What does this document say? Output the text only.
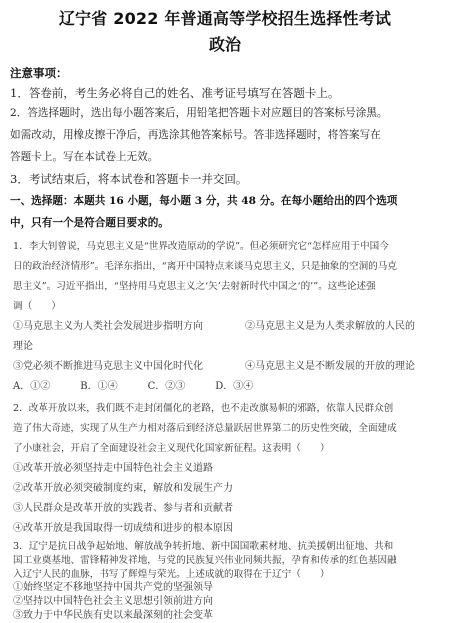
辽宁省 2022 年普通高等学校招生选择性考试
政治
注意事项：
1．答卷前，考生务必将自己的姓名、准考证号填写在答题卡上。
2．答选择题时，选出每小题答案后，用铅笔把答题卡对应题目的答案标号涂黑。
如需改动，用橡皮擦干净后，再选涂其他答案标号。答非选择题时，将答案写在
答题卡上。写在本试卷上无效。
3．考试结束后，将本试卷和答题卡一并交回。
一、选择题：本题共 16 小题，每小题 3 分，共 48 分。在每小题给出的四个选项
中，只有一个是符合题目要求的。
1．李大钊曾说，马克思主义是“世界改造原动的学说”。但必须研究它“怎样应用于中国今
日的政治经济情形”。毛泽东指出，“离开中国特点来谈马克思主义，只是抽象的空洞的马克
思主义”。习近平指出，“坚持用马克思主义之‘矢’去射新时代中国之‘的’”。这些论述强
调（　　）
①马克思主义为人类社会发展进步指明方向	②马克思主义是为人类求解放的人民的
理论
③党必须不断推进马克思主义中国化时代化	④马克思主义是不断发展的开放的理论
A．①②　　　B．①④　　　C．②③　　　D．③④
2．改革开放以来，我们既不走封闭僵化的老路，也不走改旗易帜的邪路，依靠人民群众创
造了伟大奇迹，实现了从生产力相对落后到经济总量跃居世界第二的历史性突破，全面建成
了小康社会，开启了全面建设社会主义现代化国家新征程。这表明（　　）
①改革开放必须坚持走中国特色社会主义道路
②改革开放必须突破制度约束，解放和发展生产力
③人民群众是改革开放的实践者、参与者和贡献者
④改革开放是我国取得一切成绩和进步的根本原因
3．辽宁是抗日战争起始地、解放战争转折地、新中国国歌素材地、抗美援朝出征地、共和
国工业奠基地、雷锋精神发祥地，与党的民族复兴伟业同频共振，孕育和传承的红色基因融
入辽宁人民的血脉，书写了辉煌与荣光。上述成就的取得在于辽宁（　　）
①始终坚定不移地坚持中国共产党的坚强领导
②坚持以中国特色社会主义思想引领前进方向
③致力于中华民族有史以来最深刻的社会变革
